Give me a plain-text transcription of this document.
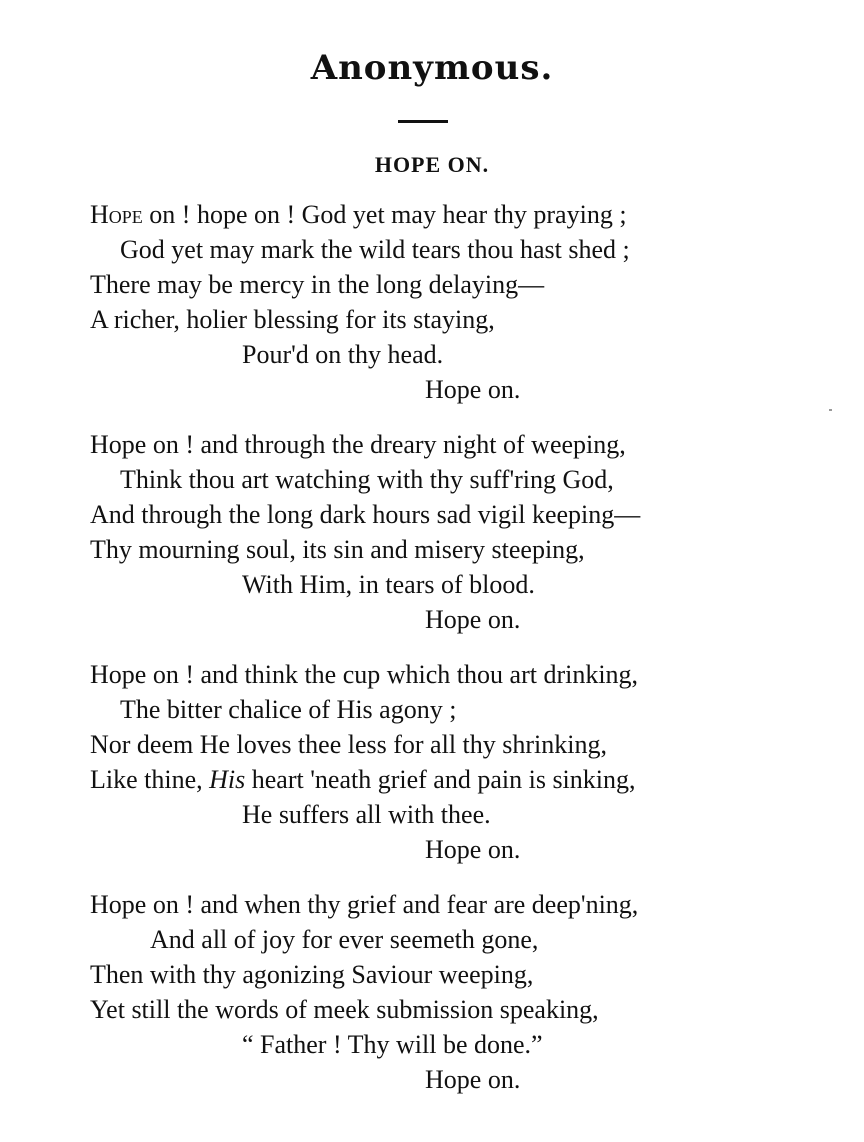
Anonymous.
HOPE ON.
Hope on ! hope on ! God yet may hear thy praying ;
God yet may mark the wild tears thou hast shed ;
There may be mercy in the long delaying—
A richer, holier blessing for its staying,
Pour'd on thy head.
Hope on.
Hope on ! and through the dreary night of weeping,
Think thou art watching with thy suff'ring God,
And through the long dark hours sad vigil keeping—
Thy mourning soul, its sin and misery steeping,
With Him, in tears of blood.
Hope on.
Hope on ! and think the cup which thou art drinking,
The bitter chalice of His agony ;
Nor deem He loves thee less for all thy shrinking,
Like thine, His heart 'neath grief and pain is sinking,
He suffers all with thee.
Hope on.
Hope on ! and when thy grief and fear are deep'ning,
And all of joy for ever seemeth gone,
Then with thy agonizing Saviour weeping,
Yet still the words of meek submission speaking,
“ Father ! Thy will be done.”
Hope on.
